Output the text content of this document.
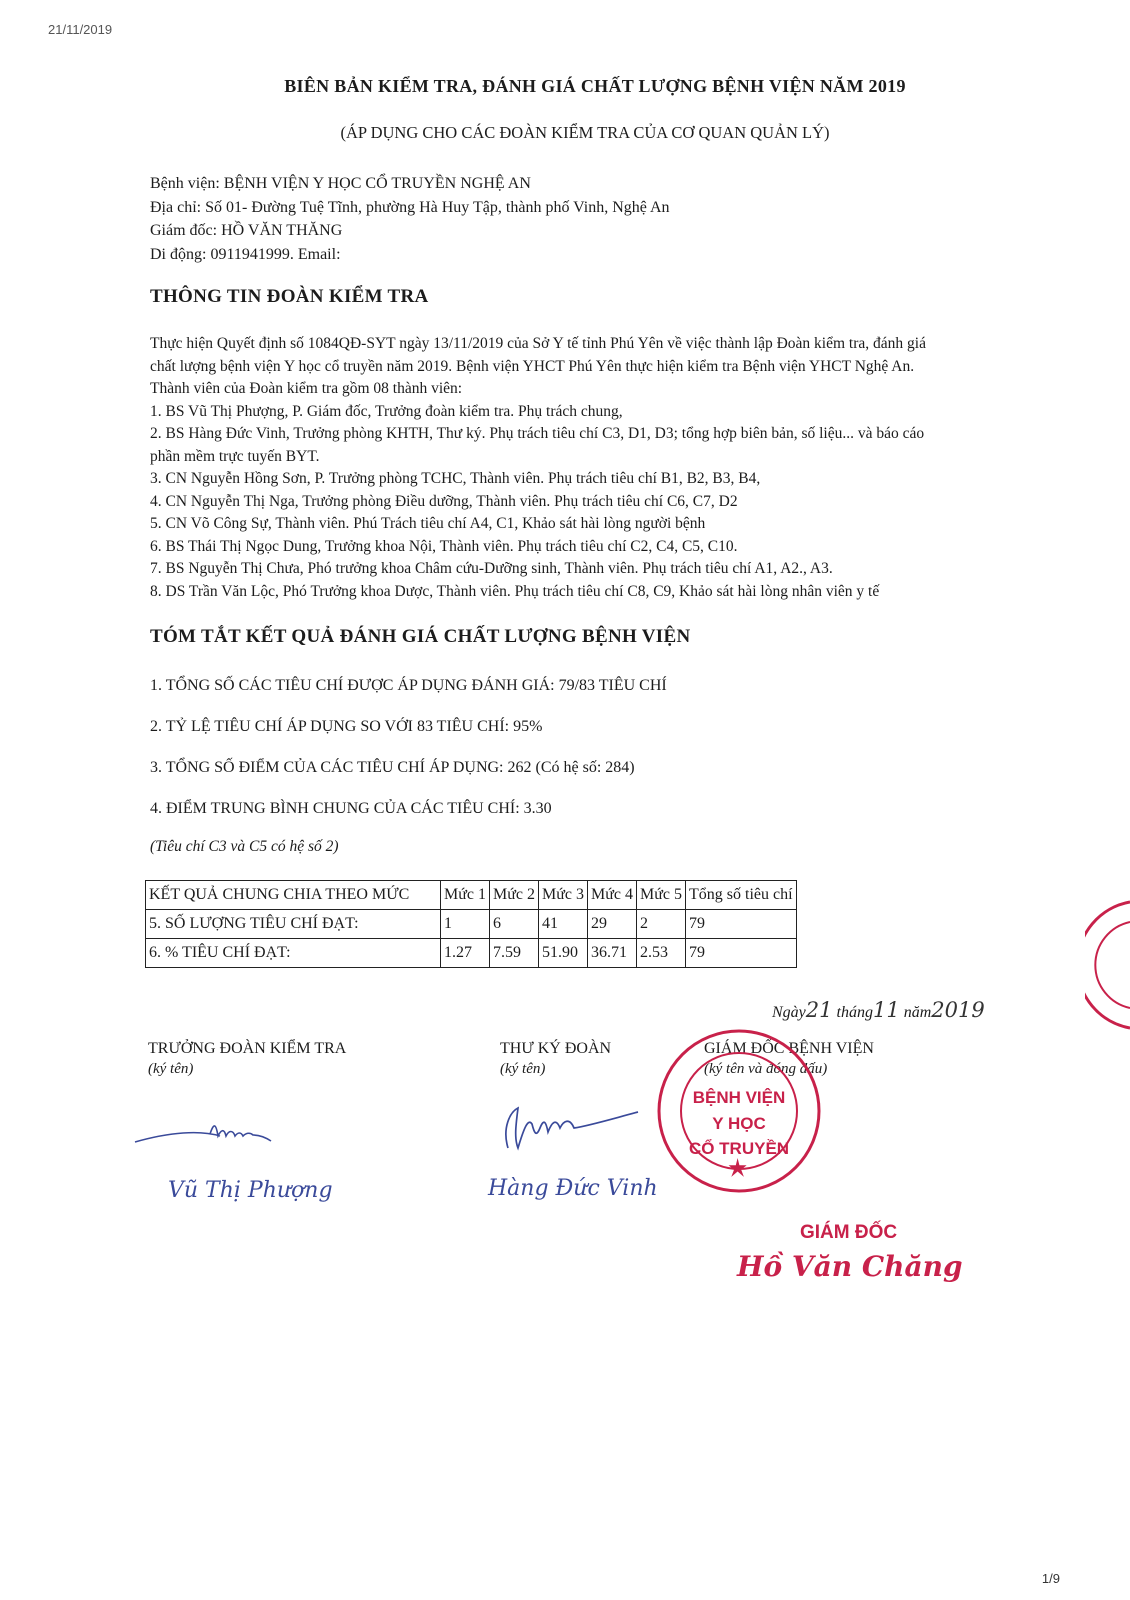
21/11/2019
BIÊN BẢN KIỂM TRA, ĐÁNH GIÁ CHẤT LƯỢNG BỆNH VIỆN NĂM 2019
(ÁP DỤNG CHO CÁC ĐOÀN KIỂM TRA CỦA CƠ QUAN QUẢN LÝ)
Bệnh viện: BỆNH VIỆN Y HỌC CỔ TRUYỀN NGHỆ AN
Địa chỉ: Số 01- Đường Tuệ Tĩnh, phường Hà Huy Tập, thành phố Vinh, Nghệ An
Giám đốc: HỒ VĂN THĂNG
Di động: 0911941999. Email:
THÔNG TIN ĐOÀN KIỂM TRA

Thực hiện Quyết định số 1084QĐ-SYT ngày 13/11/2019 của Sở Y tế tỉnh Phú Yên về việc thành lập Đoàn kiểm tra, đánh giá

chất lượng bệnh viện Y học cổ truyền năm 2019. Bệnh viện YHCT Phú Yên thực hiện kiểm tra Bệnh viện YHCT Nghệ An.

Thành viên của Đoàn kiểm tra gồm 08 thành viên:

1. BS Vũ Thị Phượng, P. Giám đốc, Trưởng đoàn kiểm tra. Phụ trách chung,

2. BS Hàng Đức Vinh, Trưởng phòng KHTH, Thư ký. Phụ trách tiêu chí C3, D1, D3; tổng hợp biên bản, số liệu... và báo cáo

phần mềm trực tuyến BYT.

3. CN Nguyễn Hồng Sơn, P. Trưởng phòng TCHC, Thành viên. Phụ trách tiêu chí B1, B2, B3, B4,

4. CN Nguyễn Thị Nga, Trưởng phòng Điều dưỡng, Thành viên. Phụ trách tiêu chí C6, C7, D2

5. CN Võ Công Sự, Thành viên. Phú Trách tiêu chí A4, C1, Khảo sát hài lòng người bệnh

6. BS Thái Thị Ngọc Dung, Trưởng khoa Nội, Thành viên. Phụ trách tiêu chí C2, C4, C5, C10.

7. BS Nguyễn Thị Chưa, Phó trưởng khoa Châm cứu-Dưỡng sinh, Thành viên. Phụ trách tiêu chí A1, A2., A3.

8. DS Trần Văn Lộc, Phó Trưởng khoa Dược, Thành viên. Phụ trách tiêu chí C8, C9, Khảo sát hài lòng nhân viên y tế

TÓM TẮT KẾT QUẢ ĐÁNH GIÁ CHẤT LƯỢNG BỆNH VIỆN
1. TỔNG SỐ CÁC TIÊU CHÍ ĐƯỢC ÁP DỤNG ĐÁNH GIÁ: 79/83 TIÊU CHÍ
2. TỶ LỆ TIÊU CHÍ ÁP DỤNG SO VỚI 83 TIÊU CHÍ: 95%
3. TỔNG SỐ ĐIỂM CỦA CÁC TIÊU CHÍ ÁP DỤNG: 262 (Có hệ số: 284)
4. ĐIỂM TRUNG BÌNH CHUNG CỦA CÁC TIÊU CHÍ: 3.30
(Tiêu chí C3 và C5 có hệ số 2)
KẾT QUẢ CHUNG CHIA THEO MỨC	Mức 1	Mức 2	Mức 3	Mức 4	Mức 5	Tổng số tiêu chí
5. SỐ LƯỢNG TIÊU CHÍ ĐẠT:	1	6	41	29	2	79
6. % TIÊU CHÍ ĐẠT:	1.27	7.59	51.90	36.71	2.53	79
Ngày21 tháng11 năm2019
TRƯỞNG ĐOÀN KIỂM TRA
(ký tên)
Vũ Thị Phượng
THƯ KÝ ĐOÀN
(ký tên)
Hàng Đức Vinh
GIÁM ĐỐC BỆNH VIỆN
(ký tên và đóng dấu)
BỆNH VIỆN
Y HỌC
CỔ TRUYỀN
GIÁM ĐỐC
Hồ Văn Chăng
1/9
